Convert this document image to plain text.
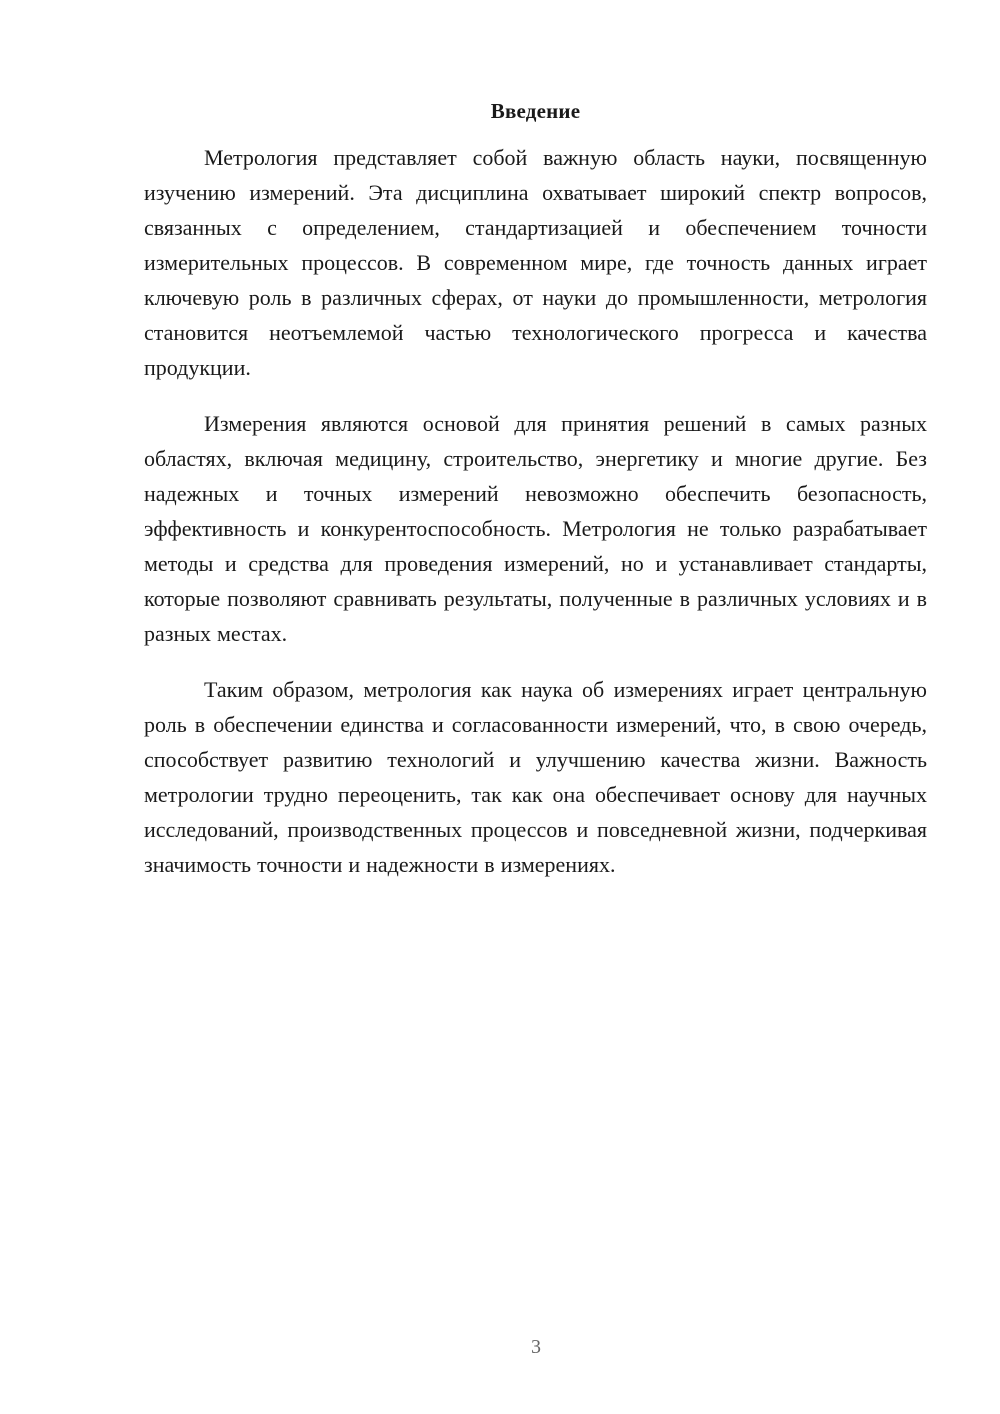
Введение

Метрология представляет собой важную область науки, посвященную изучению измерений. Эта дисциплина охватывает широкий спектр вопросов, связанных с определением, стандартизацией и обеспечением точности измерительных процессов. В современном мире, где точность данных играет ключевую роль в различных сферах, от науки до промышленности, метрология становится неотъемлемой частью технологического прогресса и качества продукции.

Измерения являются основой для принятия решений в самых разных областях, включая медицину, строительство, энергетику и многие другие. Без надежных и точных измерений невозможно обеспечить безопасность, эффективность и конкурентоспособность. Метрология не только разрабатывает методы и средства для проведения измерений, но и устанавливает стандарты, которые позволяют сравнивать результаты, полученные в различных условиях и в разных местах.

Таким образом, метрология как наука об измерениях играет центральную роль в обеспечении единства и согласованности измерений, что, в свою очередь, способствует развитию технологий и улучшению качества жизни. Важность метрологии трудно переоценить, так как она обеспечивает основу для научных исследований, производственных процессов и повседневной жизни, подчеркивая значимость точности и надежности в измерениях.

3
